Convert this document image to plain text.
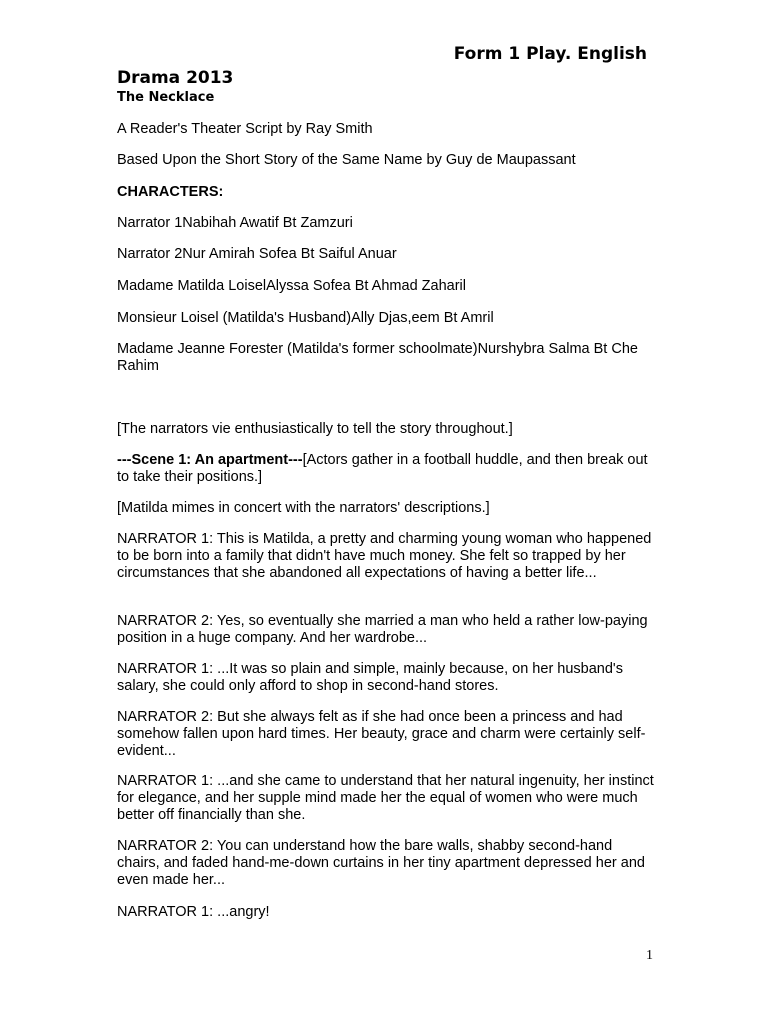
Form 1 Play. English
Drama 2013
The Necklace

A Reader's Theater Script by Ray Smith

Based Upon the Short Story of the Same Name by Guy de Maupassant

CHARACTERS:

Narrator 1Nabihah Awatif Bt Zamzuri

Narrator 2Nur Amirah Sofea Bt Saiful Anuar

Madame Matilda LoiselAlyssa Sofea Bt Ahmad Zaharil

Monsieur Loisel (Matilda's Husband)Ally Djas,eem Bt Amril

Madame Jeanne Forester (Matilda's former schoolmate)Nurshybra Salma Bt Che Rahim

[The narrators vie enthusiastically to tell the story throughout.]

---Scene 1: An apartment---[Actors gather in a football huddle, and then break out to take their positions.]

[Matilda mimes in concert with the narrators' descriptions.]

NARRATOR 1: This is Matilda, a pretty and charming young woman who happened to be born into a family that didn't have much money. She felt so trapped by her circumstances that she abandoned all expectations of having a better life...

NARRATOR 2: Yes, so eventually she married a man who held a rather low-paying position in a huge company. And her wardrobe...

NARRATOR 1: ...It was so plain and simple, mainly because, on her husband's salary, she could only afford to shop in second-hand stores.

NARRATOR 2: But she always felt as if she had once been a princess and had somehow fallen upon hard times. Her beauty, grace and charm were certainly self-evident...

NARRATOR 1: ...and she came to understand that her natural ingenuity, her instinct for elegance, and her supple mind made her the equal of women who were much better off financially than she.

NARRATOR 2: You can understand how the bare walls, shabby second-hand chairs, and faded hand-me-down curtains in her tiny apartment depressed her and even made her...

NARRATOR 1: ...angry!

1
